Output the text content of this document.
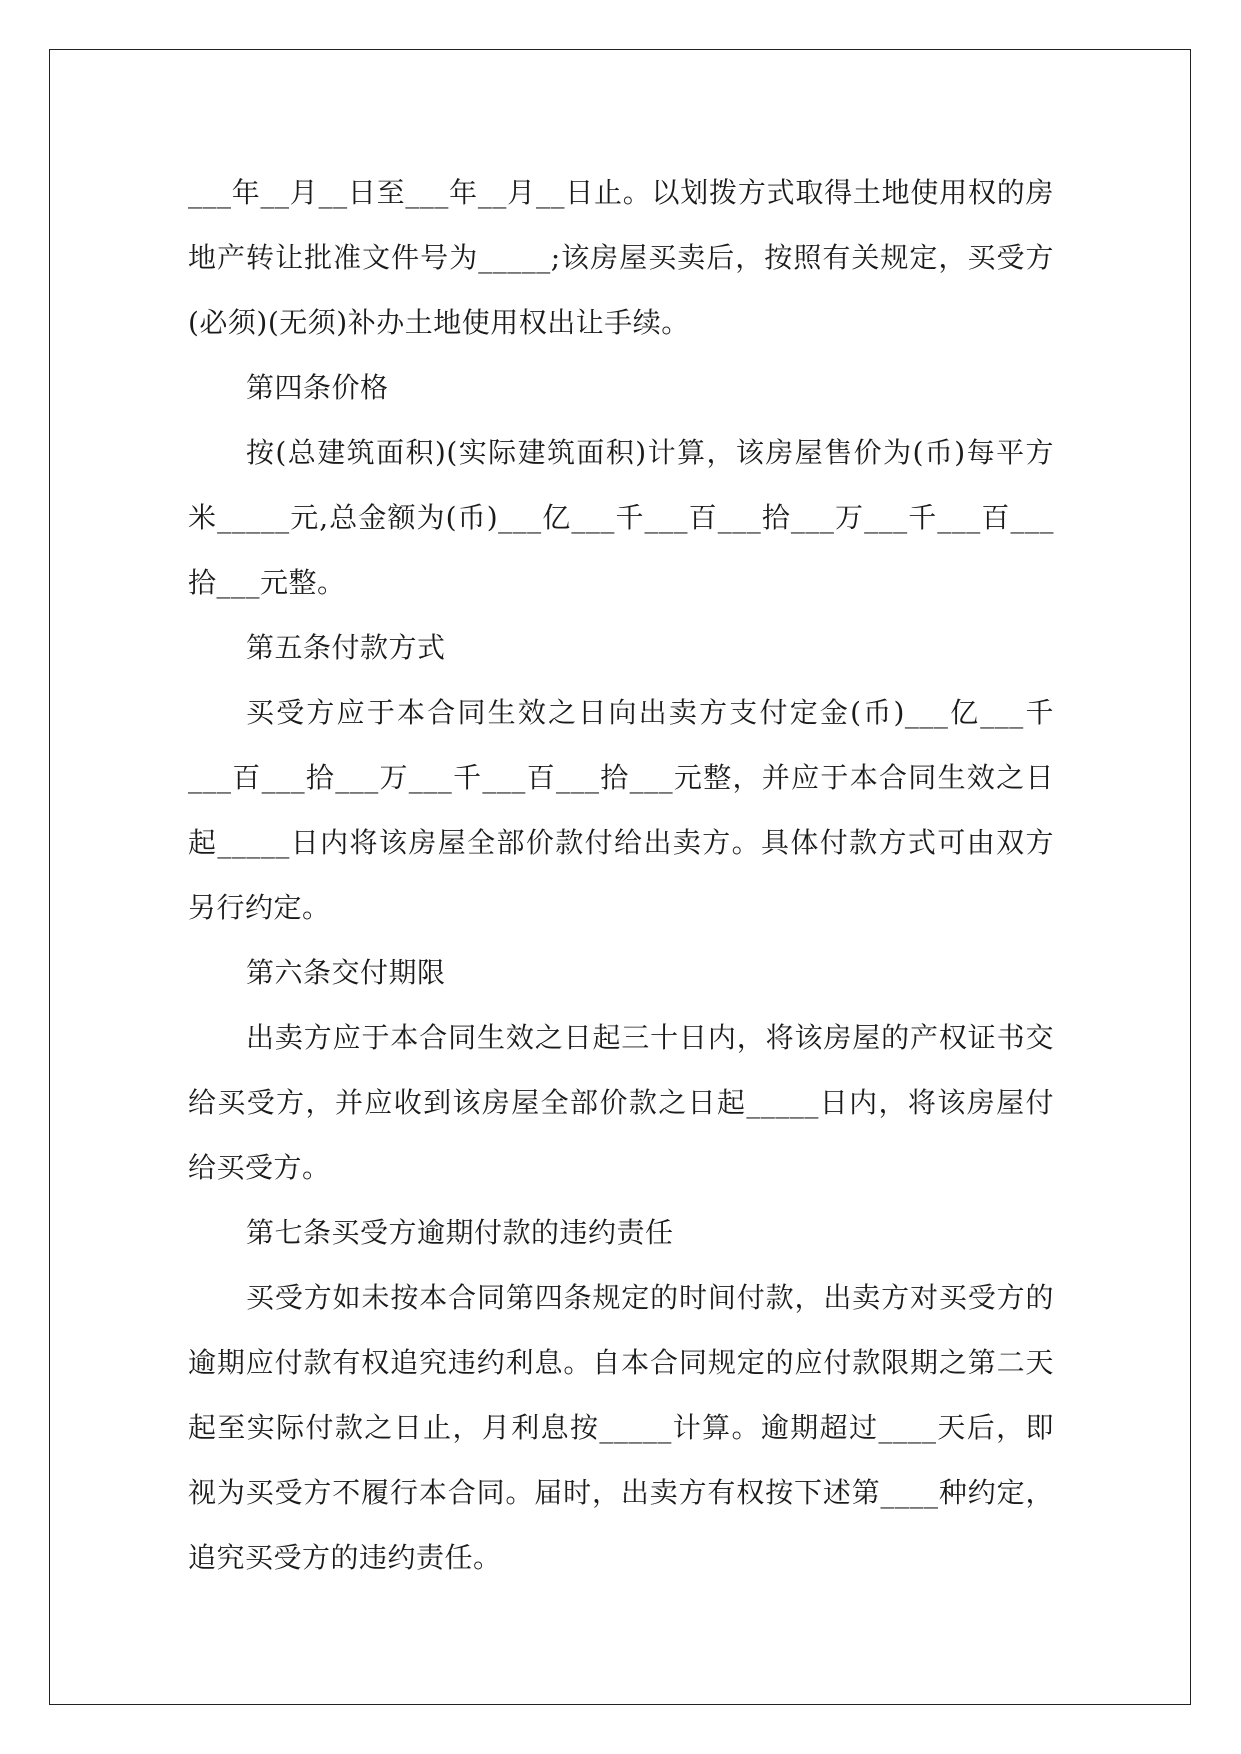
___年__月__日至___年__月__日止。以划拨方式取得土地使用权的房
地产转让批准文件号为_____;该房屋买卖后，按照有关规定，买受方
(必须)(无须)补办土地使用权出让手续。
第四条价格
按(总建筑面积)(实际建筑面积)计算，该房屋售价为(币)每平方
米_____元,总金额为(币)___亿___千___百___拾___万___千___百___
拾___元整。
第五条付款方式
买受方应于本合同生效之日向出卖方支付定金(币)___亿___千
___百___拾___万___千___百___拾___元整，并应于本合同生效之日
起_____日内将该房屋全部价款付给出卖方。具体付款方式可由双方
另行约定。
第六条交付期限
出卖方应于本合同生效之日起三十日内，将该房屋的产权证书交
给买受方，并应收到该房屋全部价款之日起_____日内，将该房屋付
给买受方。
第七条买受方逾期付款的违约责任
买受方如未按本合同第四条规定的时间付款，出卖方对买受方的
逾期应付款有权追究违约利息。自本合同规定的应付款限期之第二天
起至实际付款之日止，月利息按_____计算。逾期超过____天后，即
视为买受方不履行本合同。届时，出卖方有权按下述第____种约定，
追究买受方的违约责任。
